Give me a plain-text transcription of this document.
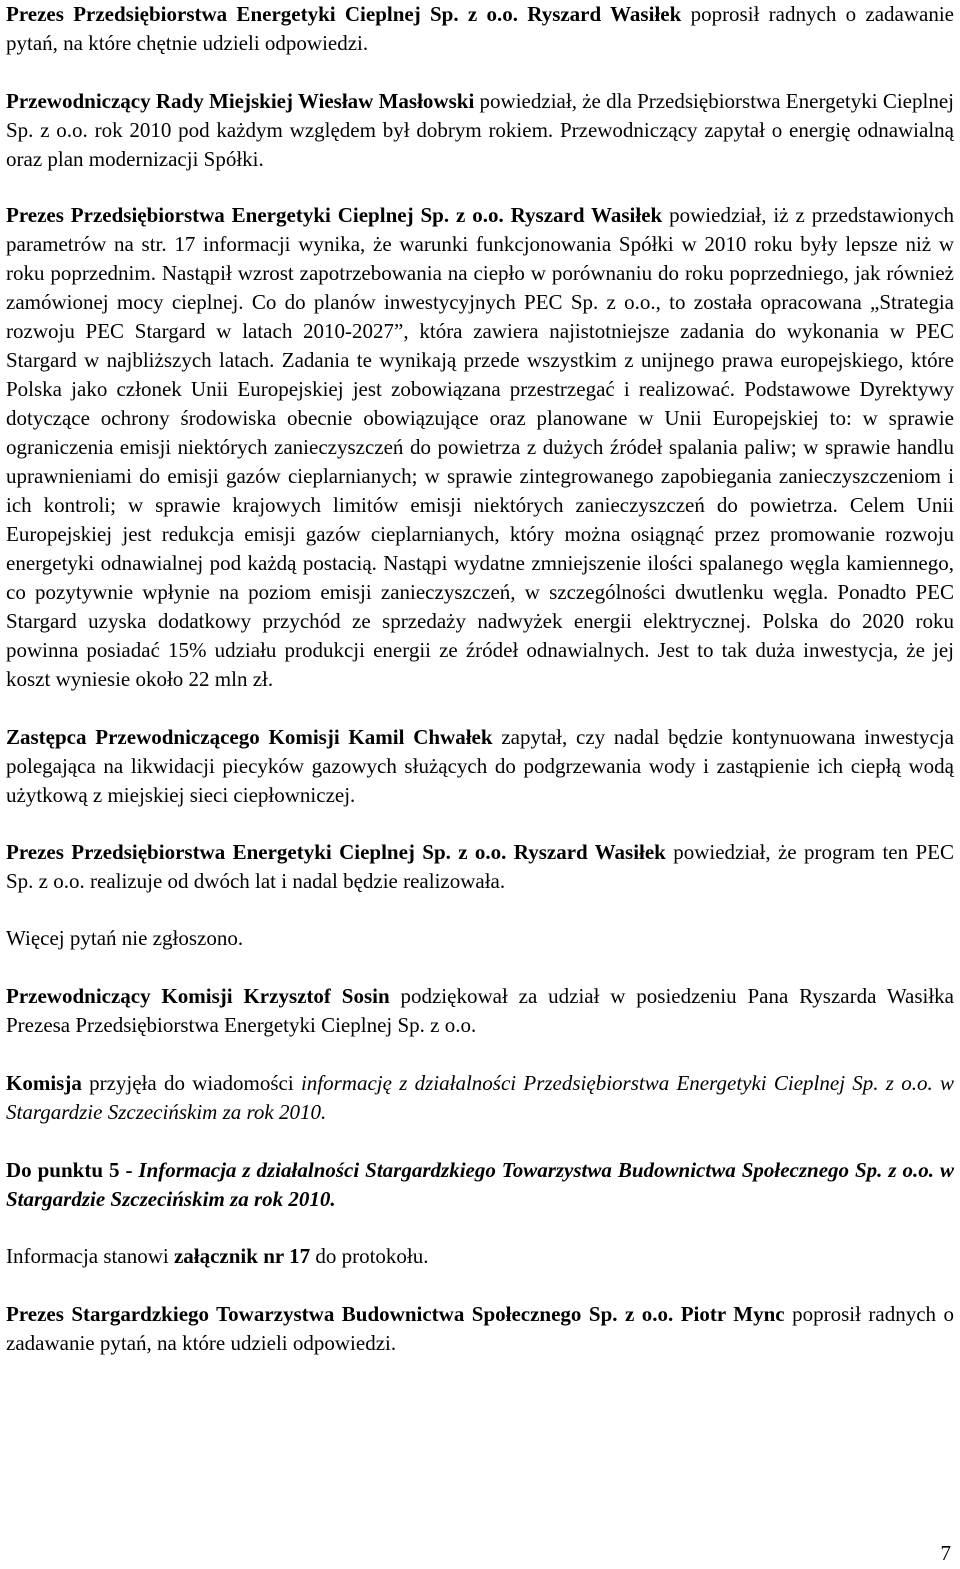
Prezes Przedsiębiorstwa Energetyki Cieplnej Sp. z o.o. Ryszard Wasiłek poprosił radnych o zadawanie pytań, na które chętnie udzieli odpowiedzi.

Przewodniczący Rady Miejskiej Wiesław Masłowski powiedział, że dla Przedsiębiorstwa Energetyki Cieplnej Sp. z o.o. rok 2010 pod każdym względem był dobrym rokiem. Przewodniczący zapytał o energię odnawialną oraz plan modernizacji Spółki.

Prezes Przedsiębiorstwa Energetyki Cieplnej Sp. z o.o. Ryszard Wasiłek powiedział, iż z przedstawionych parametrów na str. 17 informacji wynika, że warunki funkcjonowania Spółki w 2010 roku były lepsze niż w roku poprzednim. Nastąpił wzrost zapotrzebowania na ciepło w porównaniu do roku poprzedniego, jak również zamówionej mocy cieplnej. Co do planów inwestycyjnych PEC Sp. z o.o., to została opracowana „Strategia rozwoju PEC Stargard w latach 2010-2027”, która zawiera najistotniejsze zadania do wykonania w PEC Stargard w najbliższych latach. Zadania te wynikają przede wszystkim z unijnego prawa europejskiego, które Polska jako członek Unii Europejskiej jest zobowiązana przestrzegać i realizować. Podstawowe Dyrektywy dotyczące ochrony środowiska obecnie obowiązujące oraz planowane w Unii Europejskiej to: w sprawie ograniczenia emisji niektórych zanieczyszczeń do powietrza z dużych źródeł spalania paliw; w sprawie handlu uprawnieniami do emisji gazów cieplarnianych; w sprawie zintegrowanego zapobiegania zanieczyszczeniom i ich kontroli; w sprawie krajowych limitów emisji niektórych zanieczyszczeń do powietrza. Celem Unii Europejskiej jest redukcja emisji gazów cieplarnianych, który można osiągnąć przez promowanie rozwoju energetyki odnawialnej pod każdą postacią. Nastąpi wydatne zmniejszenie ilości spalanego węgla kamiennego, co pozytywnie wpłynie na poziom emisji zanieczyszczeń, w szczególności dwutlenku węgla. Ponadto PEC Stargard uzyska dodatkowy przychód ze sprzedaży nadwyżek energii elektrycznej. Polska do 2020 roku powinna posiadać 15% udziału produkcji energii ze źródeł odnawialnych. Jest to tak duża inwestycja, że jej koszt wyniesie około 22 mln zł.

Zastępca Przewodniczącego Komisji Kamil Chwałek zapytał, czy nadal będzie kontynuowana inwestycja polegająca na likwidacji piecyków gazowych służących do podgrzewania wody i zastąpienie ich ciepłą wodą użytkową z miejskiej sieci ciepłowniczej.

Prezes Przedsiębiorstwa Energetyki Cieplnej Sp. z o.o. Ryszard Wasiłek powiedział, że program ten PEC Sp. z o.o. realizuje od dwóch lat i nadal będzie realizowała.

Więcej pytań nie zgłoszono.

Przewodniczący Komisji Krzysztof Sosin podziękował za udział w posiedzeniu Pana Ryszarda Wasiłka Prezesa Przedsiębiorstwa Energetyki Cieplnej Sp. z o.o.

Komisja przyjęła do wiadomości informację z działalności Przedsiębiorstwa Energetyki Cieplnej Sp. z o.o. w Stargardzie Szczecińskim za rok 2010.

Do punktu 5 - Informacja z działalności Stargardzkiego Towarzystwa Budownictwa Społecznego Sp. z o.o. w Stargardzie Szczecińskim za rok 2010.

Informacja stanowi załącznik nr 17 do protokołu.

Prezes Stargardzkiego Towarzystwa Budownictwa Społecznego Sp. z o.o. Piotr Mync poprosił radnych o zadawanie pytań, na które udzieli odpowiedzi.

7
